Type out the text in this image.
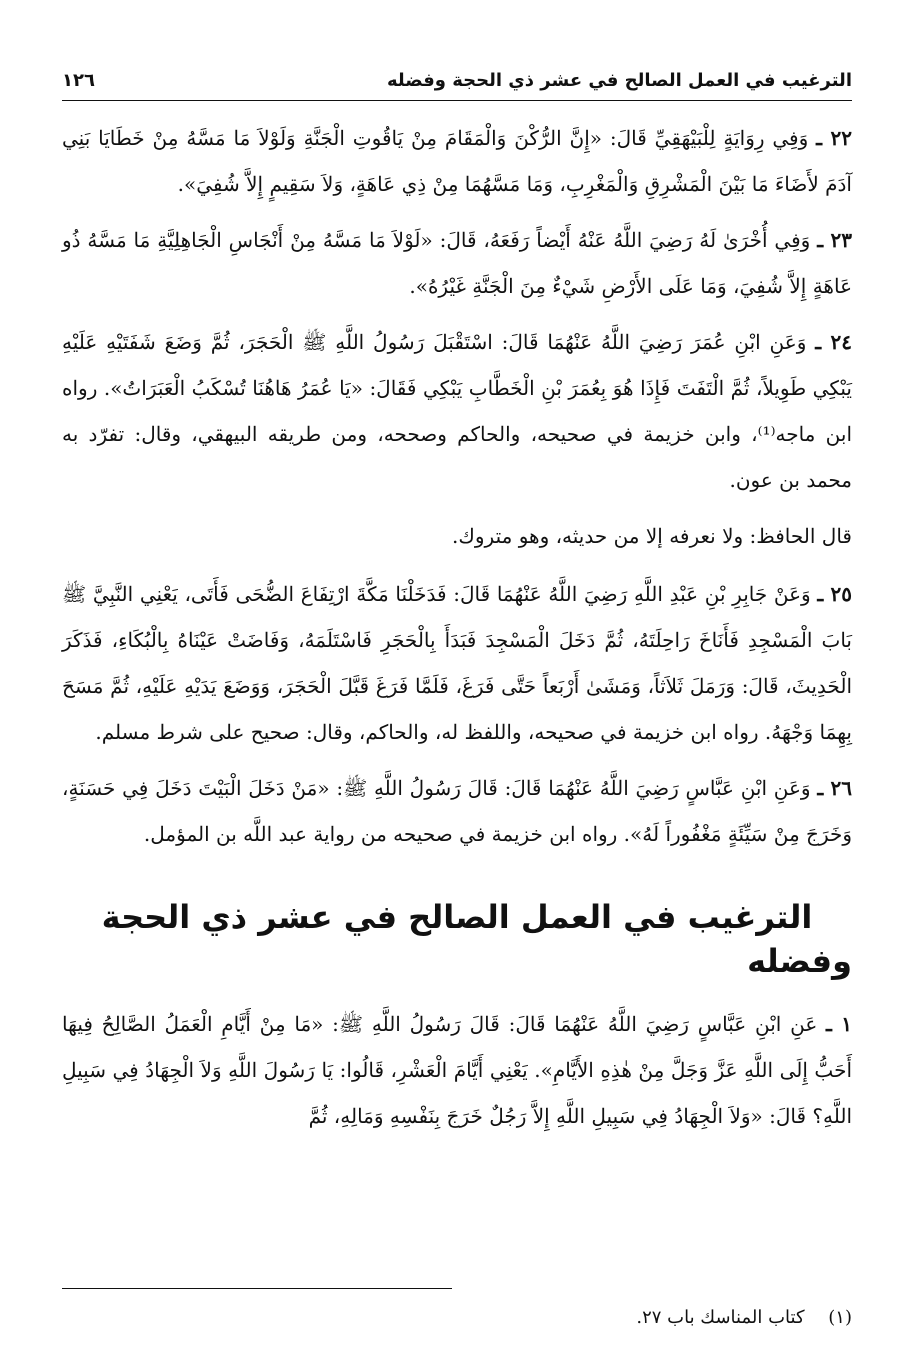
الترغيب في العمل الصالح في عشر ذي الحجة وفضله
١٢٦

٢٢ ـ وَفِي رِوَايَةٍ لِلْبَيْهَقِيِّ قَالَ: «إِنَّ الرُّكْنَ وَالْمَقَامَ مِنْ يَاقُوتِ الْجَنَّةِ وَلَوْلاَ مَا مَسَّهُ مِنْ خَطَايَا بَنِي آدَمَ لأَضَاءَ مَا بَيْنَ الْمَشْرِقِ وَالْمَغْرِبِ، وَمَا مَسَّهُمَا مِنْ ذِي عَاهَةٍ، وَلاَ سَقِيمٍ إِلاَّ شُفِيَ».

٢٣ ـ وَفِي أُخْرَىٰ لَهُ رَضِيَ اللَّهُ عَنْهُ أَيْضاً رَفَعَهُ، قَالَ: «لَوْلاَ مَا مَسَّهُ مِنْ أَنْجَاسِ الْجَاهِلِيَّةِ مَا مَسَّهُ ذُو عَاهَةٍ إِلاَّ شُفِيَ، وَمَا عَلَى الأَرْضِ شَيْءٌ مِنَ الْجَنَّةِ غَيْرُهُ».

٢٤ ـ وَعَنِ ابْنِ عُمَرَ رَضِيَ اللَّهُ عَنْهُمَا قَالَ: اسْتَقْبَلَ رَسُولُ اللَّهِ ﷺ الْحَجَرَ، ثُمَّ وَضَعَ شَفَتَيْهِ عَلَيْهِ يَبْكِي طَوِيلاً، ثُمَّ الْتَفَتَ فَإِذَا هُوَ بِعُمَرَ بْنِ الْخَطَّابِ يَبْكِي فَقَالَ: «يَا عُمَرُ هَاهُنَا تُسْكَبُ الْعَبَرَاتُ». رواه ابن ماجه⁽¹⁾، وابن خزيمة في صحيحه، والحاكم وصححه، ومن طريقه البيهقي، وقال: تفرّد به محمد بن عون.

قال الحافظ: ولا نعرفه إلا من حديثه، وهو متروك.

٢٥ ـ وَعَنْ جَابِرِ بْنِ عَبْدِ اللَّهِ رَضِيَ اللَّهُ عَنْهُمَا قَالَ: فَدَخَلْنَا مَكَّةَ ارْتِفَاعَ الضُّحَى فَأَتَى، يَعْنِي النَّبِيَّ ﷺ بَابَ الْمَسْجِدِ فَأَنَاخَ رَاحِلَتَهُ، ثُمَّ دَخَلَ الْمَسْجِدَ فَبَدَأَ بِالْحَجَرِ فَاسْتَلَمَهُ، وَفَاضَتْ عَيْنَاهُ بِالْبُكَاءِ، فَذَكَرَ الْحَدِيثَ، قَالَ: وَرَمَلَ ثَلاَثاً، وَمَشَىٰ أَرْبَعاً حَتَّى فَرَغَ، فَلَمَّا فَرَغَ قَبَّلَ الْحَجَرَ، وَوَضَعَ يَدَيْهِ عَلَيْهِ، ثُمَّ مَسَحَ بِهِمَا وَجْهَهُ. رواه ابن خزيمة في صحيحه، واللفظ له، والحاكم، وقال: صحيح على شرط مسلم.

٢٦ ـ وَعَنِ ابْنِ عَبَّاسٍ رَضِيَ اللَّهُ عَنْهُمَا قَالَ: قَالَ رَسُولُ اللَّهِ ﷺ: «مَنْ دَخَلَ الْبَيْتَ دَخَلَ فِي حَسَنَةٍ، وَخَرَجَ مِنْ سَيِّئَةٍ مَغْفُوراً لَهُ». رواه ابن خزيمة في صحيحه من رواية عبد اللَّه بن المؤمل.

الترغيب في العمل الصالح في عشر ذي الحجة وفضله

١ ـ عَنِ ابْنِ عَبَّاسٍ رَضِيَ اللَّهُ عَنْهُمَا قَالَ: قَالَ رَسُولُ اللَّهِ ﷺ: «مَا مِنْ أَيَّامِ الْعَمَلُ الصَّالِحُ فِيهَا أَحَبُّ إِلَى اللَّهِ عَزَّ وَجَلَّ مِنْ هٰذِهِ الأَيَّامِ». يَعْنِي أَيَّامَ الْعَشْرِ، قَالُوا: يَا رَسُولَ اللَّهِ وَلاَ الْجِهَادُ فِي سَبِيلِ اللَّهِ؟ قَالَ: «وَلاَ الْجِهَادُ فِي سَبِيلِ اللَّهِ إِلاَّ رَجُلٌ خَرَجَ بِنَفْسِهِ وَمَالِهِ، ثُمَّ

(١) كتاب المناسك باب ٢٧.
